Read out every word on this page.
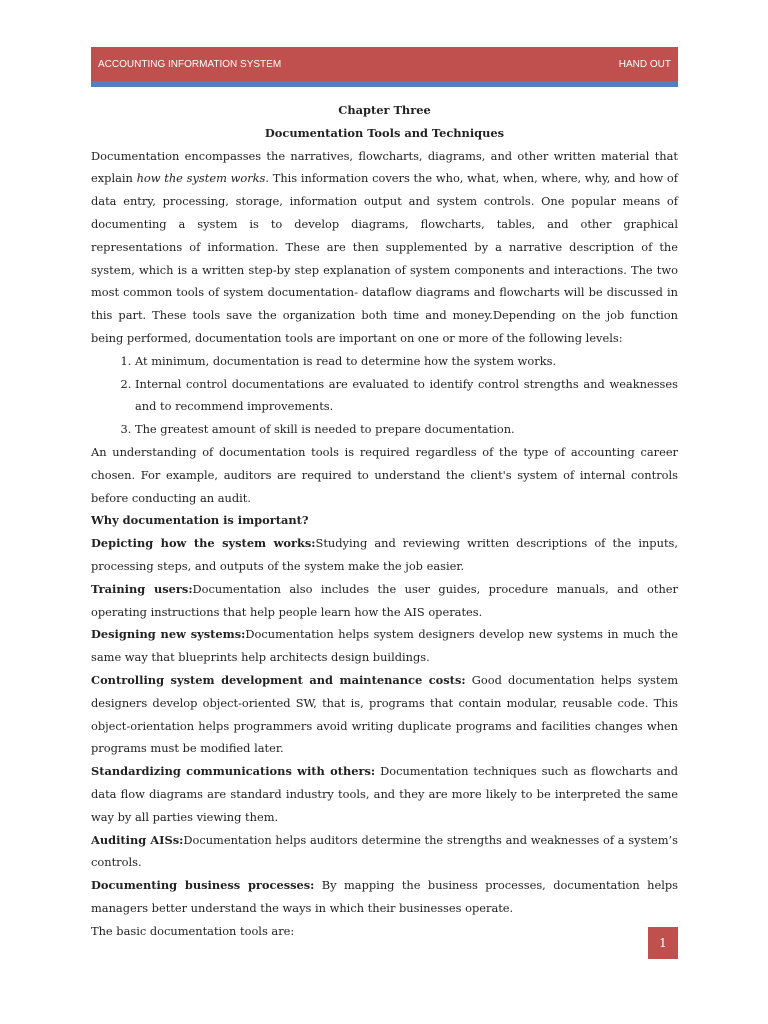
ACCOUNTING INFORMATION SYSTEM	HAND OUT

Chapter Three

Documentation Tools and Techniques

Documentation encompasses the narratives, flowcharts, diagrams, and other written material that explain how the system works. This information covers the who, what, when, where, why, and how of data entry, processing, storage, information output and system controls. One popular means of documenting a system is to develop diagrams, flowcharts, tables, and other graphical representations of information. These are then supplemented by a narrative description of the system, which is a written step-by step explanation of system components and interactions. The two most common tools of system documentation- dataflow diagrams and flowcharts will be discussed in this part. These tools save the organization both time and money.Depending on the job function being performed, documentation tools are important on one or more of the following levels:

1. At minimum, documentation is read to determine how the system works.
2. Internal control documentations are evaluated to identify control strengths and weaknesses and to recommend improvements.
3. The greatest amount of skill is needed to prepare documentation.

An understanding of documentation tools is required regardless of the type of accounting career chosen. For example, auditors are required to understand the client's system of internal controls before conducting an audit.

Why documentation is important?

Depicting how the system works:Studying and reviewing written descriptions of the inputs, processing steps, and outputs of the system make the job easier.

Training users:Documentation also includes the user guides, procedure manuals, and other operating instructions that help people learn how the AIS operates.

Designing new systems:Documentation helps system designers develop new systems in much the same way that blueprints help architects design buildings.

Controlling system development and maintenance costs: Good documentation helps system designers develop object-oriented SW, that is, programs that contain modular, reusable code. This object-orientation helps programmers avoid writing duplicate programs and facilities changes when programs must be modified later.

Standardizing communications with others: Documentation techniques such as flowcharts and data flow diagrams are standard industry tools, and they are more likely to be interpreted the same way by all parties viewing them.

Auditing AISs:Documentation helps auditors determine the strengths and weaknesses of a system’s controls.

Documenting business processes: By mapping the business processes, documentation helps managers better understand the ways in which their businesses operate.

The basic documentation tools are:

1
